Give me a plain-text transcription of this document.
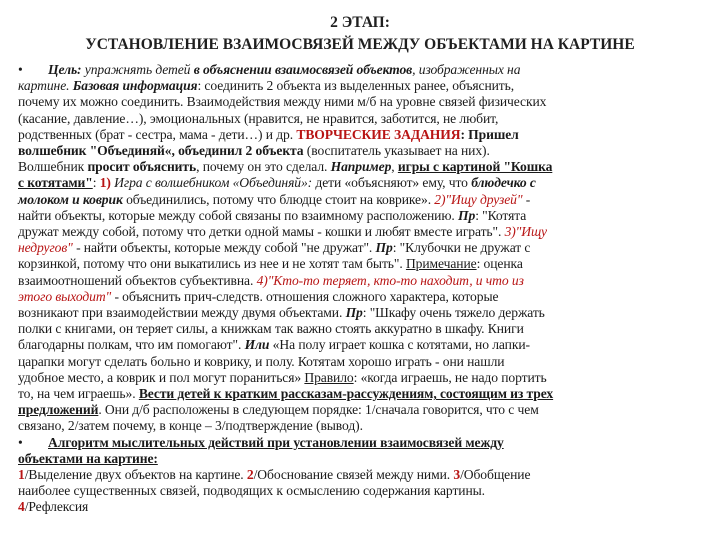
2 ЭТАП:
УСТАНОВЛЕНИЕ ВЗАИМОСВЯЗЕЙ МЕЖДУ ОБЪЕКТАМИ НА КАРТИНЕ
• Цель: упражнять детей в объяснении взаимосвязей объектов, изображенных на
картине. Базовая информация: соединить 2 объекта из выделенных ранее, объяснить,
почему их можно соединить. Взаимодействия между ними м/б на уровне связей физических
(касание, давление…), эмоциональных (нравится, не нравится, заботится, не любит,
родственных (брат - сестра, мама - дети…) и др. ТВОРЧЕСКИЕ ЗАДАНИЯ: Пришел
волшебник "Объединяй«, объединил 2 объекта (воспитатель указывает на них).
Волшебник просит объяснить, почему он это сделал. Например, игры с картиной "Кошка
с котятами": 1) Игра с волшебником «Объединяй»: дети «объясняют» ему, что блюдечко с
молоком и коврик объединились, потому что блюдце стоит на коврике». 2)"Ищу друзей" -
найти объекты, которые между собой связаны по взаимному расположению. Пр: "Котята
дружат между собой, потому что детки одной мамы - кошки и любят вместе играть". 3)"Ищу
недругов" - найти объекты, которые между собой "не дружат". Пр: "Клубочки не дружат с
корзинкой, потому что они выкатились из нее и не хотят там быть". Примечание: оценка
взаимоотношений объектов субъективна. 4)"Кто-то теряет, кто-то находит, и что из
этого выходит" - объяснить прич-следств. отношения сложного характера, которые
возникают при взаимодействии между двумя объектами. Пр: "Шкафу очень тяжело держать
полки с книгами, он теряет силы, а книжкам так важно стоять аккуратно в шкафу. Книги
благодарны полкам, что им помогают". Или «На полу играет кошка с котятами, но лапки-
царапки могут сделать больно и коврику, и полу. Котятам хорошо играть - они нашли
удобное место, а коврик и пол могут пораниться» Правило: «когда играешь, не надо портить
то, на чем играешь». Вести детей к кратким рассказам-рассуждениям, состоящим из трех
предложений. Они д/б расположены в следующем порядке: 1/сначала говорится, что с чем
связано, 2/затем почему, в конце – 3/подтверждение (вывод).
• Алгоритм мыслительных действий при установлении взаимосвязей между
объектами на картине:
1/Выделение двух объектов на картине. 2/Обоснование связей между ними. 3/Обобщение
наиболее существенных связей, подводящих к осмыслению содержания картины.
4/Рефлексия
